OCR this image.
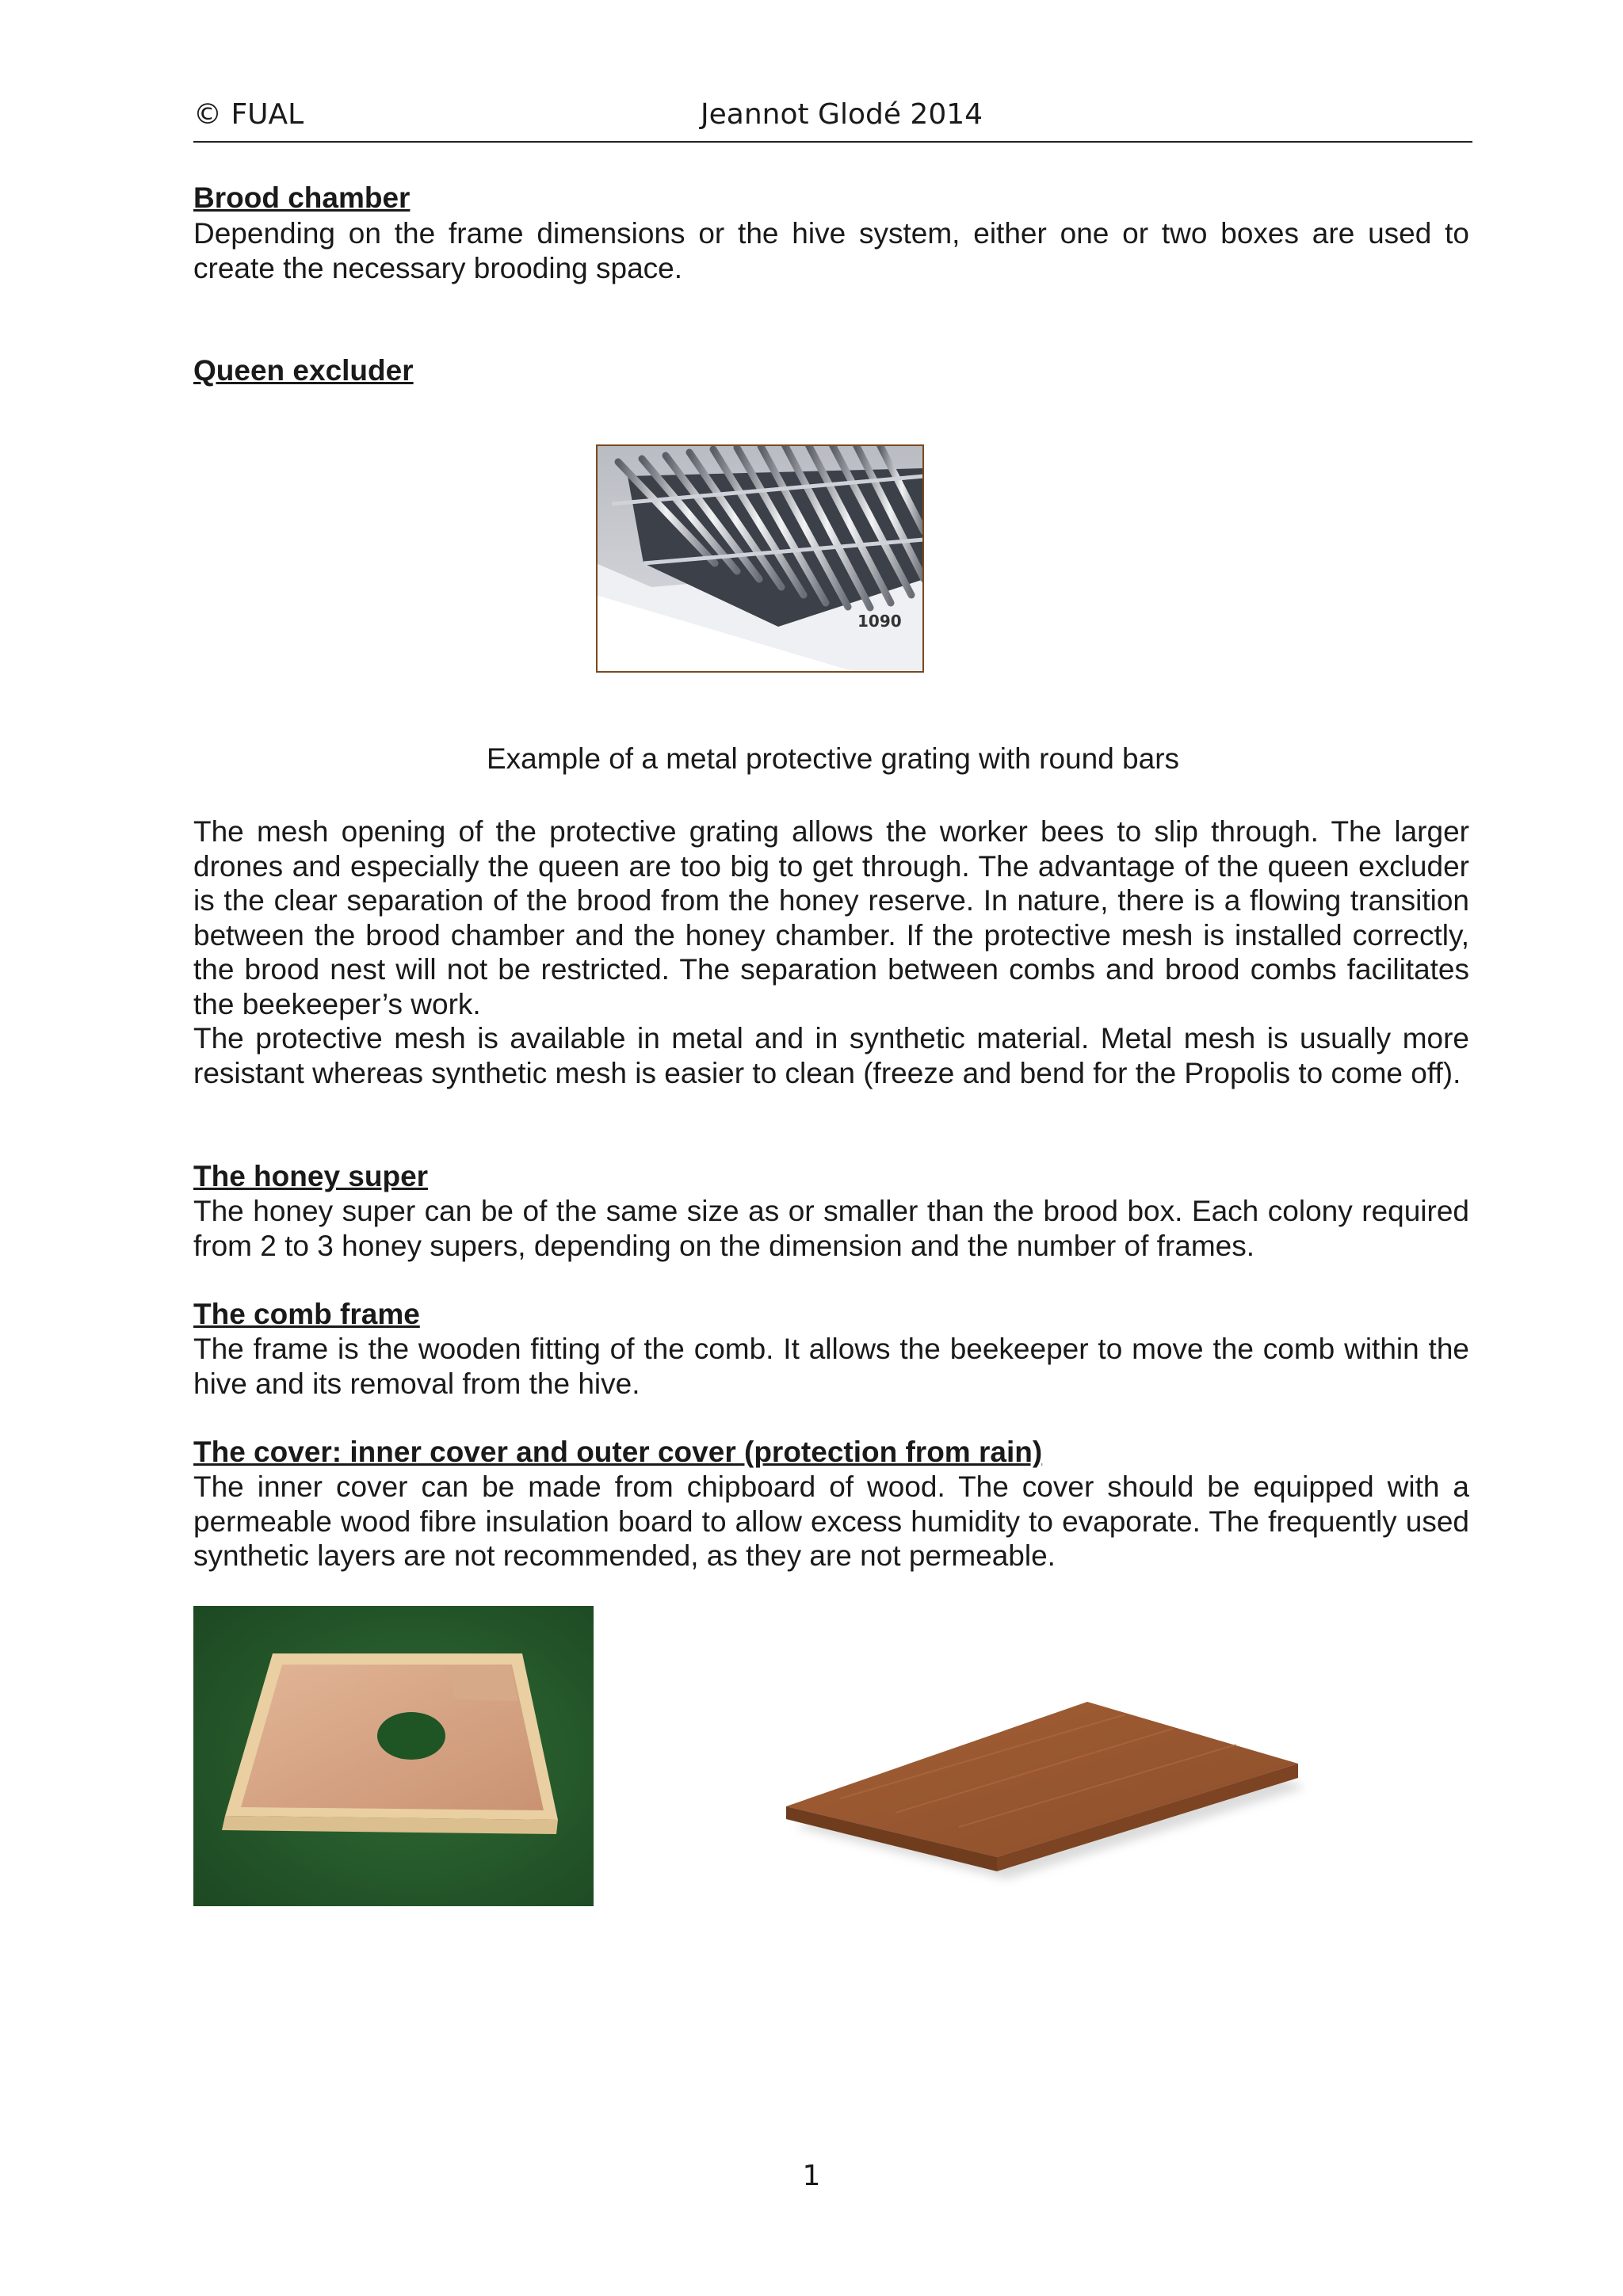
© FUAL	Jeannot Glodé 2014
Brood chamber

Depending on the frame dimensions or the hive system, either one or two boxes are used to create the necessary brooding space.

Queen excluder
1090

Example of a metal protective grating with round bars

The mesh opening of the protective grating allows the worker bees to slip through. The larger drones and especially the queen are too big to get through. The advantage of the queen excluder is the clear separation of the brood from the honey reserve. In nature, there is a flowing transition between the brood chamber and the honey chamber. If the protective mesh is installed correctly, the brood nest will not be restricted. The separation between combs and brood combs facilitates the beekeeper’s work.

The protective mesh is available in metal and in synthetic material. Metal mesh is usually more resistant whereas synthetic mesh is easier to clean (freeze and bend for the Propolis to come off).

The honey super

The honey super can be of the same size as or smaller than the brood box. Each colony required from 2 to 3 honey supers, depending on the dimension and the number of frames.

The comb frame

The frame is the wooden fitting of the comb. It allows the beekeeper to move the comb within the hive and its removal from the hive.

The cover: inner cover and outer cover (protection from rain)

The inner cover can be made from chipboard of wood. The cover should be equipped with a permeable wood fibre insulation board to allow excess humidity to evaporate. The frequently used synthetic layers are not recommended, as they are not permeable.

1
